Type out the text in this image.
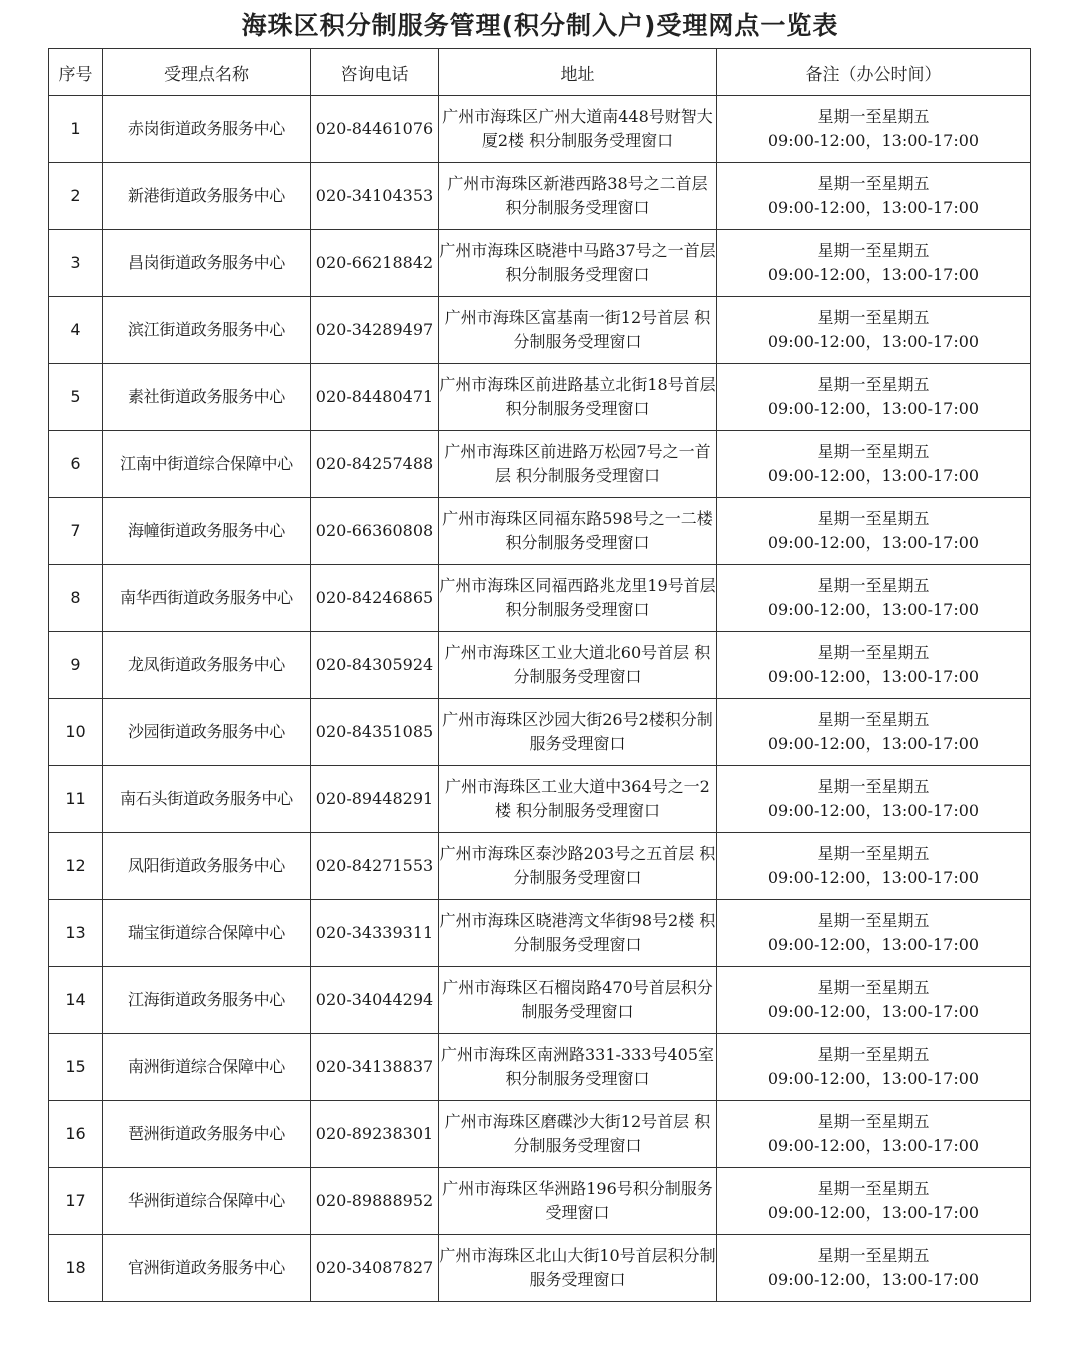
海珠区积分制服务管理(积分制入户)受理网点一览表
序号	受理点名称	咨询电话	地址	备注（办公时间）
1	赤岗街道政务服务中心	020-84461076	广州市海珠区广州大道南448号财智大厦2楼 积分制服务受理窗口	星期一至星期五
09:00-12:00，13:00-17:00

2	新港街道政务服务中心	020-34104353	广州市海珠区新港西路38号之二首层 积分制服务受理窗口	星期一至星期五
09:00-12:00，13:00-17:00

3	昌岗街道政务服务中心	020-66218842	广州市海珠区晓港中马路37号之一首层 积分制服务受理窗口	星期一至星期五
09:00-12:00，13:00-17:00

4	滨江街道政务服务中心	020-34289497	广州市海珠区富基南一街12号首层 积分制服务受理窗口	星期一至星期五
09:00-12:00，13:00-17:00

5	素社街道政务服务中心	020-84480471	广州市海珠区前进路基立北街18号首层 积分制服务受理窗口	星期一至星期五
09:00-12:00，13:00-17:00

6	江南中街道综合保障中心	020-84257488	广州市海珠区前进路万松园7号之一首层 积分制服务受理窗口	星期一至星期五
09:00-12:00，13:00-17:00

7	海幢街道政务服务中心	020-66360808	广州市海珠区同福东路598号之一二楼 积分制服务受理窗口	星期一至星期五
09:00-12:00，13:00-17:00

8	南华西街道政务服务中心	020-84246865	广州市海珠区同福西路兆龙里19号首层 积分制服务受理窗口	星期一至星期五
09:00-12:00，13:00-17:00

9	龙凤街道政务服务中心	020-84305924	广州市海珠区工业大道北60号首层 积分制服务受理窗口	星期一至星期五
09:00-12:00，13:00-17:00

10	沙园街道政务服务中心	020-84351085	广州市海珠区沙园大街26号2楼积分制服务受理窗口	星期一至星期五
09:00-12:00，13:00-17:00

11	南石头街道政务服务中心	020-89448291	广州市海珠区工业大道中364号之一2楼 积分制服务受理窗口	星期一至星期五
09:00-12:00，13:00-17:00

12	凤阳街道政务服务中心	020-84271553	广州市海珠区泰沙路203号之五首层 积分制服务受理窗口	星期一至星期五
09:00-12:00，13:00-17:00

13	瑞宝街道综合保障中心	020-34339311	广州市海珠区晓港湾文华街98号2楼 积分制服务受理窗口	星期一至星期五
09:00-12:00，13:00-17:00

14	江海街道政务服务中心	020-34044294	广州市海珠区石榴岗路470号首层积分制服务受理窗口	星期一至星期五
09:00-12:00，13:00-17:00

15	南洲街道综合保障中心	020-34138837	广州市海珠区南洲路331-333号405室 积分制服务受理窗口	星期一至星期五
09:00-12:00，13:00-17:00

16	琶洲街道政务服务中心	020-89238301	广州市海珠区磨碟沙大街12号首层 积分制服务受理窗口	星期一至星期五
09:00-12:00，13:00-17:00

17	华洲街道综合保障中心	020-89888952	广州市海珠区华洲路196号积分制服务受理窗口	星期一至星期五
09:00-12:00，13:00-17:00

18	官洲街道政务服务中心	020-34087827	广州市海珠区北山大街10号首层积分制服务受理窗口	星期一至星期五
09:00-12:00，13:00-17:00
